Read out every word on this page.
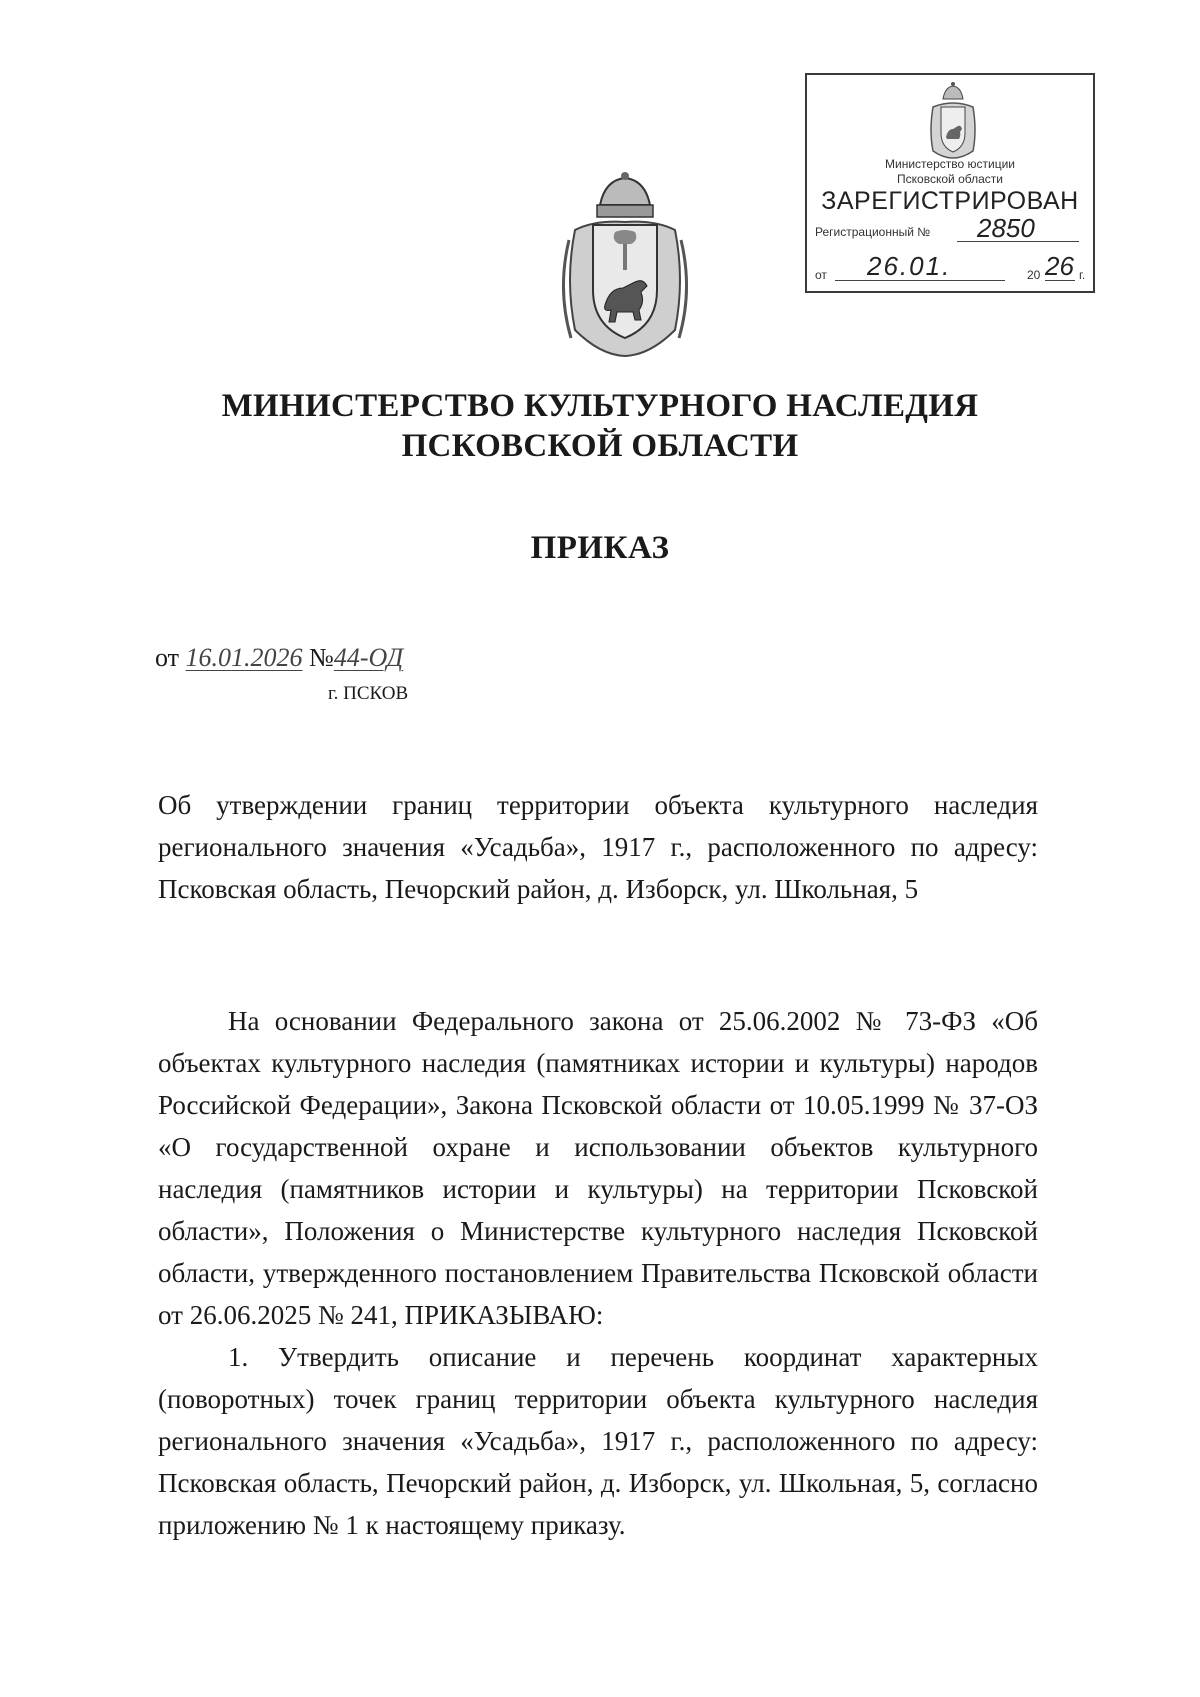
Министерство юстиции
Псковской области
ЗАРЕГИСТРИРОВАН
Регистрационный № 2850
от 26.01.	20 26 г.
МИНИСТЕРСТВО КУЛЬТУРНОГО НАСЛЕДИЯ
ПСКОВСКОЙ ОБЛАСТИ
ПРИКАЗ
от 16.01.2026 №44-ОД
г. ПСКОВ
Об утверждении границ территории объекта культурного наследия регионального значения «Усадьба», 1917 г., расположенного по адресу: Псковская область, Печорский район, д. Изборск, ул. Школьная, 5

На основании Федерального закона от 25.06.2002 № 73-ФЗ «Об объектах культурного наследия (памятниках истории и культуры) народов Российской Федерации», Закона Псковской области от 10.05.1999 № 37-ОЗ «О государственной охране и использовании объектов культурного наследия (памятников истории и культуры) на территории Псковской области», Положения о Министерстве культурного наследия Псковской области, утвержденного постановлением Правительства Псковской области от 26.06.2025 № 241, ПРИКАЗЫВАЮ:

1. Утвердить описание и перечень координат характерных (поворотных) точек границ территории объекта культурного наследия регионального значения «Усадьба», 1917 г., расположенного по адресу: Псковская область, Печорский район, д. Изборск, ул. Школьная, 5, согласно приложению № 1 к настоящему приказу.
